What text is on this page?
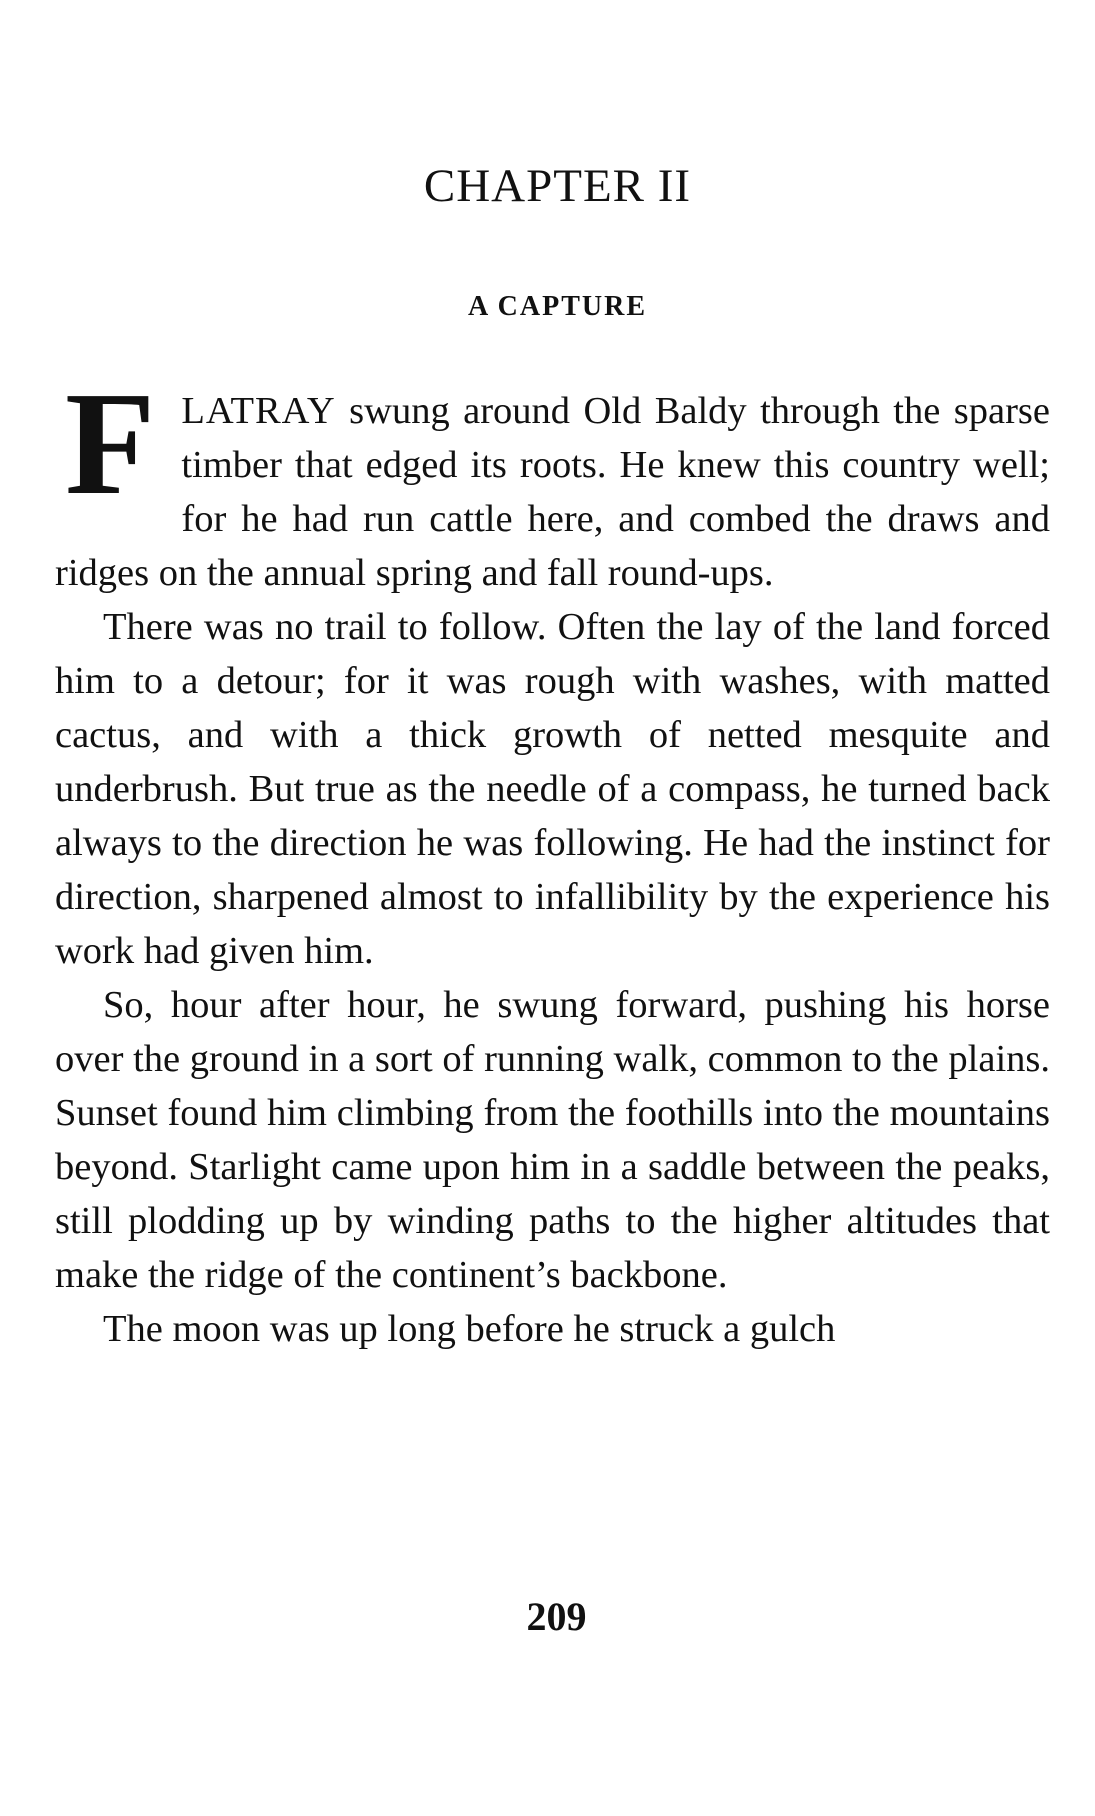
CHAPTER II
A CAPTURE

FLATRAY swung around Old Baldy through the sparse timber that edged its roots. He knew this country well; for he had run cattle here, and combed the draws and ridges on the annual spring and fall round-ups.

There was no trail to follow. Often the lay of the land forced him to a detour; for it was rough with washes, with matted cactus, and with a thick growth of netted mesquite and underbrush. But true as the needle of a compass, he turned back always to the direction he was following. He had the instinct for direction, sharpened almost to infallibility by the experience his work had given him.

So, hour after hour, he swung forward, pushing his horse over the ground in a sort of running walk, common to the plains. Sunset found him climbing from the foothills into the mountains beyond. Starlight came upon him in a saddle between the peaks, still plodding up by winding paths to the higher altitudes that make the ridge of the continent’s backbone.

The moon was up long before he struck a gulch

209
